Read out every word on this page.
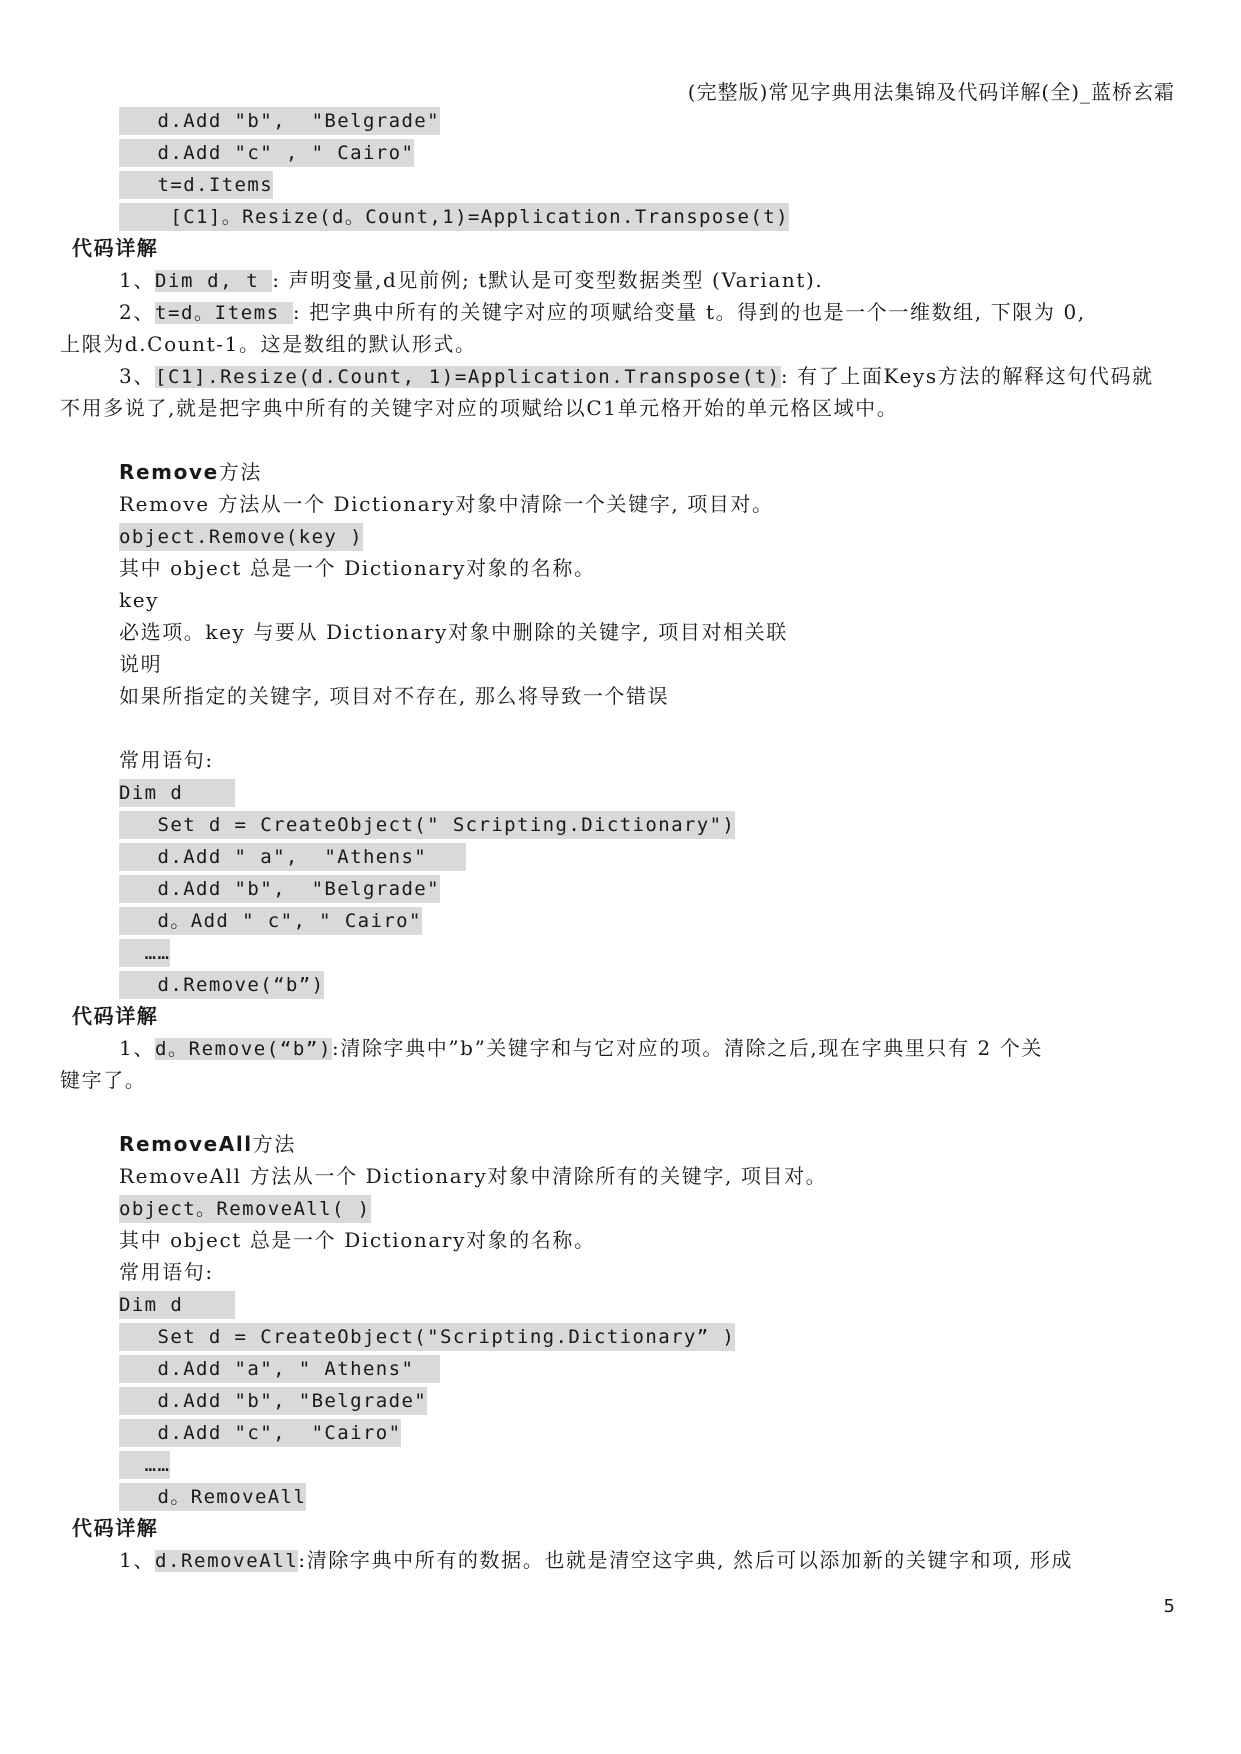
(完整版)常见字典用法集锦及代码详解(全)_蓝桥玄霜
d.Add "b",  "Belgrade"
d.Add "c" , " Cairo"
t=d.Items
[C1]。Resize(d。Count,1)=Application.Transpose(t)
代码详解
1、Dim d, t : 声明变量,d见前例; t默认是可变型数据类型 (Variant).
2、t=d。Items : 把字典中所有的关键字对应的项赋给变量 t。得到的也是一个一维数组, 下限为 0,
上限为d.Count-1。这是数组的默认形式。
3、[C1].Resize(d.Count, 1)=Application.Transpose(t): 有了上面Keys方法的解释这句代码就
不用多说了,就是把字典中所有的关键字对应的项赋给以C1单元格开始的单元格区域中。
Remove方法
Remove 方法从一个 Dictionary对象中清除一个关键字, 项目对。
object.Remove(key )
其中 object 总是一个 Dictionary对象的名称。
key
必选项。key 与要从 Dictionary对象中删除的关键字, 项目对相关联
说明
如果所指定的关键字, 项目对不存在, 那么将导致一个错误
常用语句:
Dim d
Set d = CreateObject(" Scripting.Dictionary")
d.Add " a",  "Athens"
d.Add "b",  "Belgrade"
d。Add " c", " Cairo"
……
d.Remove(“b”)
代码详解
1、d。Remove(“b”):清除字典中”b”关键字和与它对应的项。清除之后,现在字典里只有 2 个关
键字了。
RemoveAll方法
RemoveAll 方法从一个 Dictionary对象中清除所有的关键字, 项目对。
object。RemoveAll( )
其中 object 总是一个 Dictionary对象的名称。
常用语句:
Dim d
Set d = CreateObject("Scripting.Dictionary” )
d.Add "a", " Athens"
d.Add "b", "Belgrade"
d.Add "c",  "Cairo"
……
d。RemoveAll
代码详解
1、d.RemoveAll:清除字典中所有的数据。也就是清空这字典, 然后可以添加新的关键字和项, 形成
5
